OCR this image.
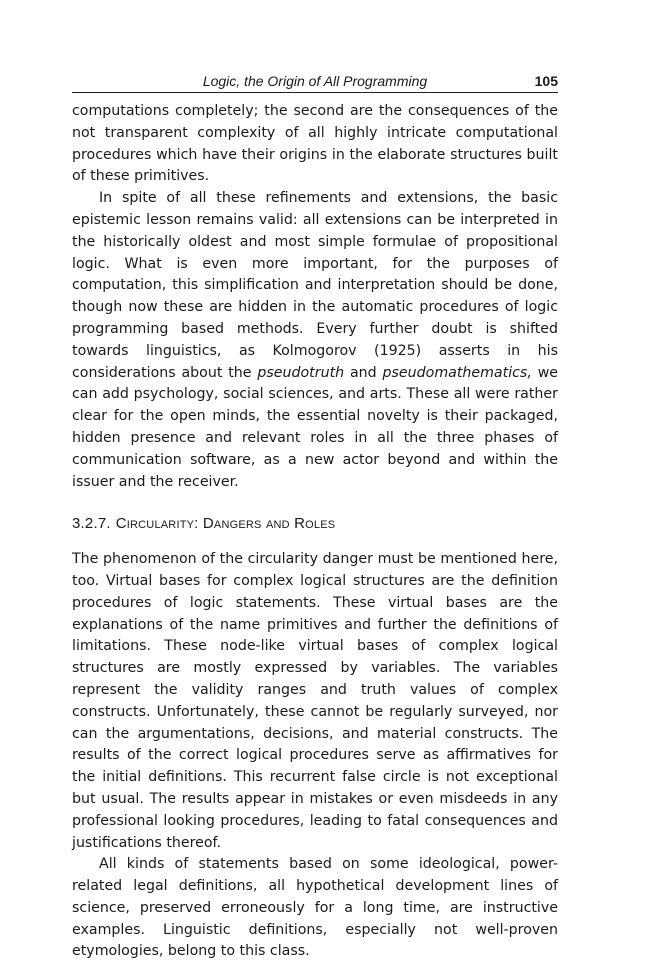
Logic, the Origin of All Programming	105

computations completely; the second are the consequences of the not transparent complexity of all highly intricate computational procedures which have their origins in the elaborate structures built of these primitives.

In spite of all these refinements and extensions, the basic epistemic lesson remains valid: all extensions can be interpreted in the historically oldest and most simple formulae of propositional logic. What is even more important, for the purposes of computation, this simplification and interpretation should be done, though now these are hidden in the automatic procedures of logic programming based methods. Every further doubt is shifted towards linguistics, as Kolmogorov (1925) asserts in his considerations about the pseudotruth and pseudomathematics, we can add psychology, social sciences, and arts. These all were rather clear for the open minds, the essential novelty is their packaged, hidden presence and relevant roles in all the three phases of communication software, as a new actor beyond and within the issuer and the receiver.

3.2.7. Circularity: Dangers and Roles

The phenomenon of the circularity danger must be mentioned here, too. Virtual bases for complex logical structures are the definition procedures of logic statements. These virtual bases are the explanations of the name primitives and further the definitions of limitations. These node-like virtual bases of complex logical structures are mostly expressed by variables. The variables represent the validity ranges and truth values of complex constructs. Unfortunately, these cannot be regularly surveyed, nor can the argumentations, decisions, and material constructs. The results of the correct logical procedures serve as affirmatives for the initial definitions. This recurrent false circle is not exceptional but usual. The results appear in mistakes or even misdeeds in any professional looking procedures, leading to fatal consequences and justifications thereof.

All kinds of statements based on some ideological, power-related legal definitions, all hypothetical development lines of science, preserved erroneously for a long time, are instructive examples. Linguistic definitions, especially not well-proven etymologies, belong to this class.
